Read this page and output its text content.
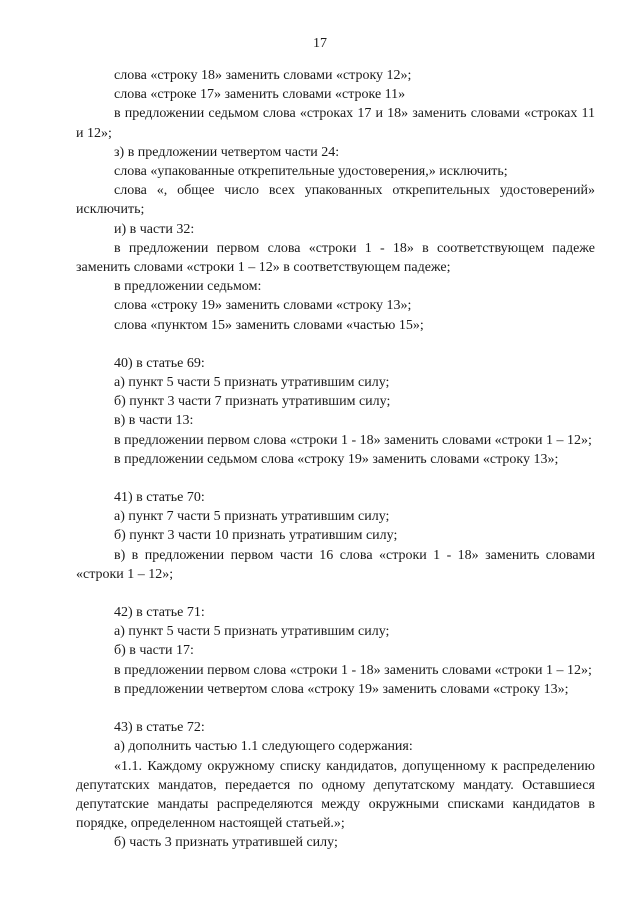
17

слова «строку 18» заменить словами «строку 12»;

слова «строке 17» заменить словами «строке 11»

в предложении седьмом слова «строках 17 и 18» заменить словами «строках 11 и 12»;

з) в предложении четвертом части 24:

слова «упакованные открепительные удостоверения,» исключить;

слова «, общее число всех упакованных открепительных удостоверений» исключить;

и) в части 32:

в предложении первом слова «строки 1 - 18» в соответствующем падеже заменить словами «строки 1 – 12» в соответствующем падеже;

в предложении седьмом:

слова «строку 19» заменить словами «строку 13»;

слова «пунктом 15» заменить словами «частью 15»;

40) в статье 69:

а) пункт 5 части 5 признать утратившим силу;

б) пункт 3 части 7 признать утратившим силу;

в) в части 13:

в предложении первом слова «строки 1 - 18» заменить словами «строки 1 – 12»;

в предложении седьмом слова «строку 19» заменить словами «строку 13»;

41) в статье 70:

а) пункт 7 части 5 признать утратившим силу;

б) пункт 3 части 10 признать утратившим силу;

в) в предложении первом части 16 слова «строки 1 - 18» заменить словами «строки 1 – 12»;

42) в статье 71:

а) пункт 5 части 5 признать утратившим силу;

б) в части 17:

в предложении первом слова «строки 1 - 18» заменить словами «строки 1 – 12»;

в предложении четвертом слова «строку 19» заменить словами «строку 13»;

43) в статье 72:

а) дополнить частью 1.1 следующего содержания:

«1.1. Каждому окружному списку кандидатов, допущенному к распределению депутатских мандатов, передается по одному депутатскому мандату. Оставшиеся депутатские мандаты распределяются между окружными списками кандидатов в порядке, определенном настоящей статьей.»;

б) часть 3 признать утратившей силу;
